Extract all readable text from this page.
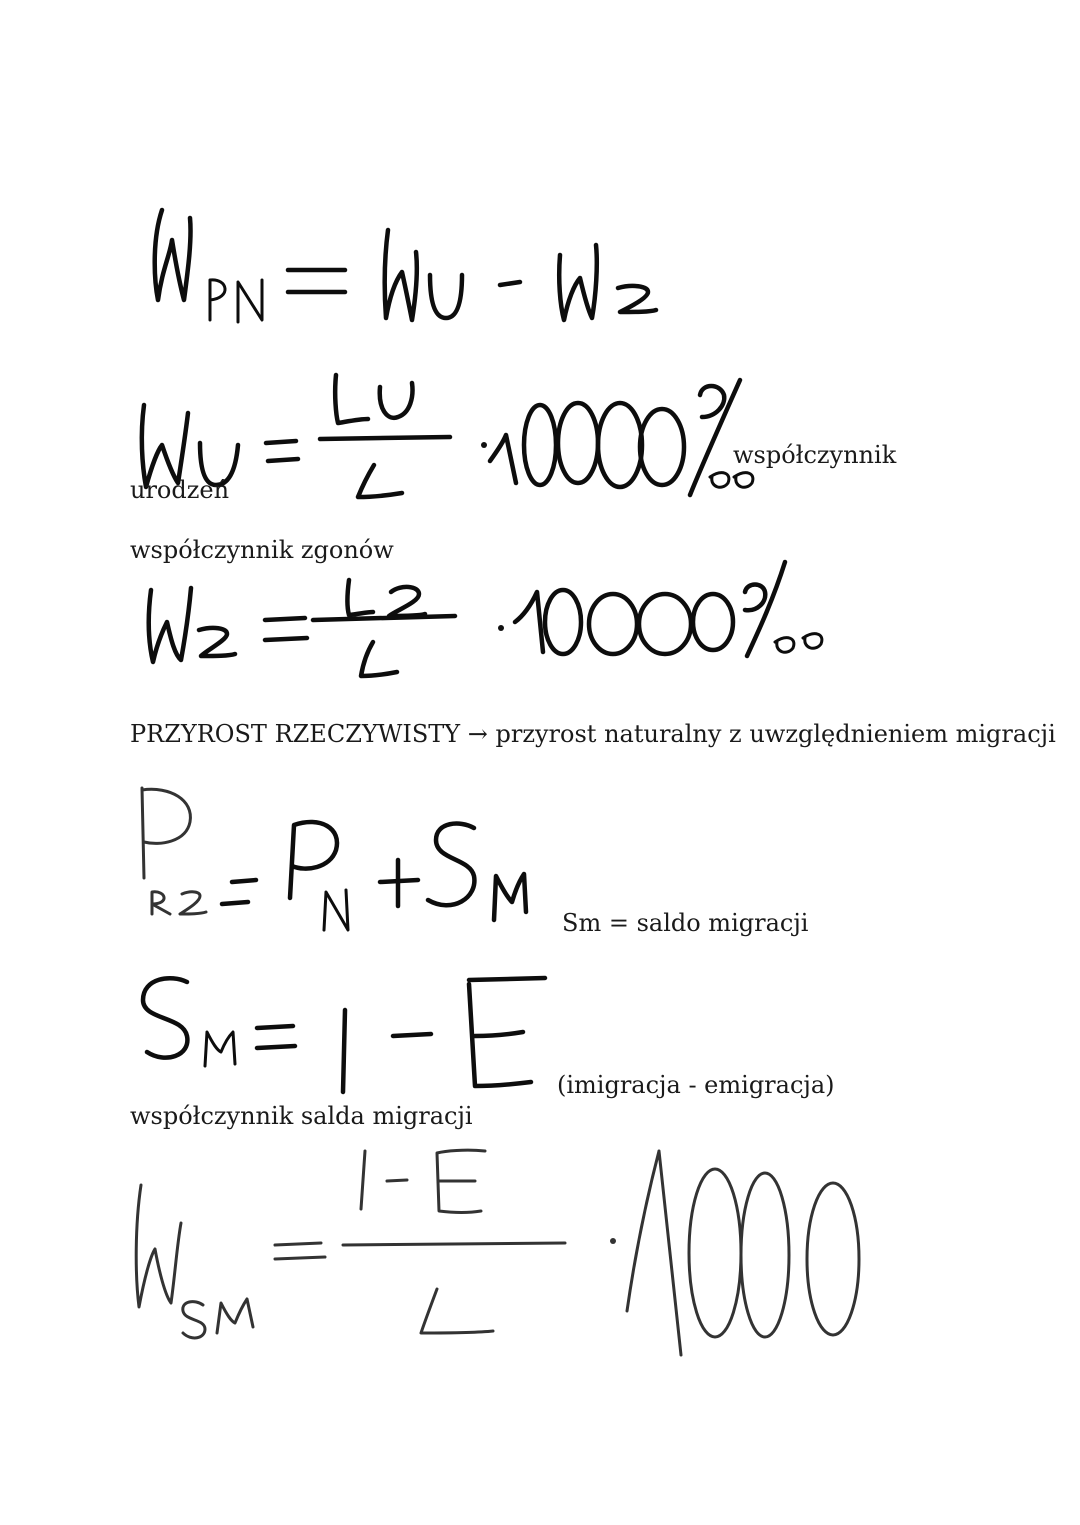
współczynnik
urodzeń
współczynnik zgonów
PRZYROST RZECZYWISTY → przyrost naturalny z uwzględnieniem migracji
Sm = saldo migracji
(imigracja - emigracja)
współczynnik salda migracji
